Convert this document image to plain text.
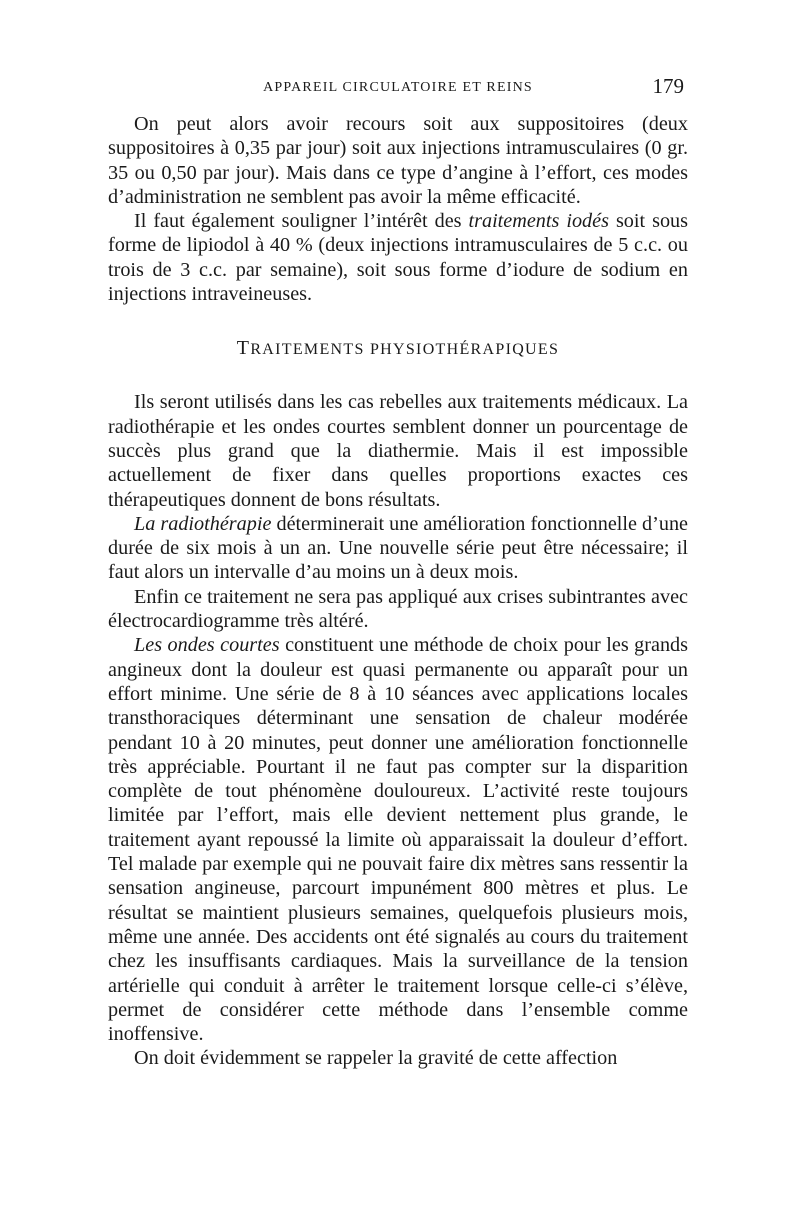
APPAREIL CIRCULATOIRE ET REINS	179

On peut alors avoir recours soit aux suppositoires (deux suppositoires à 0,35 par jour) soit aux injections intramusculaires (0 gr. 35 ou 0,50 par jour). Mais dans ce type d’angine à l’effort, ces modes d’administration ne semblent pas avoir la même efficacité.

Il faut également souligner l’intérêt des traitements iodés soit sous forme de lipiodol à 40 % (deux injections intramusculaires de 5 c.c. ou trois de 3 c.c. par semaine), soit sous forme d’iodure de sodium en injections intraveineuses.

TRAITEMENTS PHYSIOTHÉRAPIQUES

Ils seront utilisés dans les cas rebelles aux traitements médicaux. La radiothérapie et les ondes courtes semblent donner un pourcentage de succès plus grand que la diathermie. Mais il est impossible actuellement de fixer dans quelles proportions exactes ces thérapeutiques donnent de bons résultats.

La radiothérapie déterminerait une amélioration fonctionnelle d’une durée de six mois à un an. Une nouvelle série peut être nécessaire; il faut alors un intervalle d’au moins un à deux mois.

Enfin ce traitement ne sera pas appliqué aux crises subintrantes avec électrocardiogramme très altéré.

Les ondes courtes constituent une méthode de choix pour les grands angineux dont la douleur est quasi permanente ou apparaît pour un effort minime. Une série de 8 à 10 séances avec applications locales transthoraciques déterminant une sensation de chaleur modérée pendant 10 à 20 minutes, peut donner une amélioration fonctionnelle très appréciable. Pourtant il ne faut pas compter sur la disparition complète de tout phénomène douloureux. L’activité reste toujours limitée par l’effort, mais elle devient nettement plus grande, le traitement ayant repoussé la limite où apparaissait la douleur d’effort. Tel malade par exemple qui ne pouvait faire dix mètres sans ressentir la sensation angineuse, parcourt impunément 800 mètres et plus. Le résultat se maintient plusieurs semaines, quelquefois plusieurs mois, même une année. Des accidents ont été signalés au cours du traitement chez les insuffisants cardiaques. Mais la surveillance de la tension artérielle qui conduit à arrêter le traitement lorsque celle-ci s’élève, permet de considérer cette méthode dans l’ensemble comme inoffensive.

On doit évidemment se rappeler la gravité de cette affection
